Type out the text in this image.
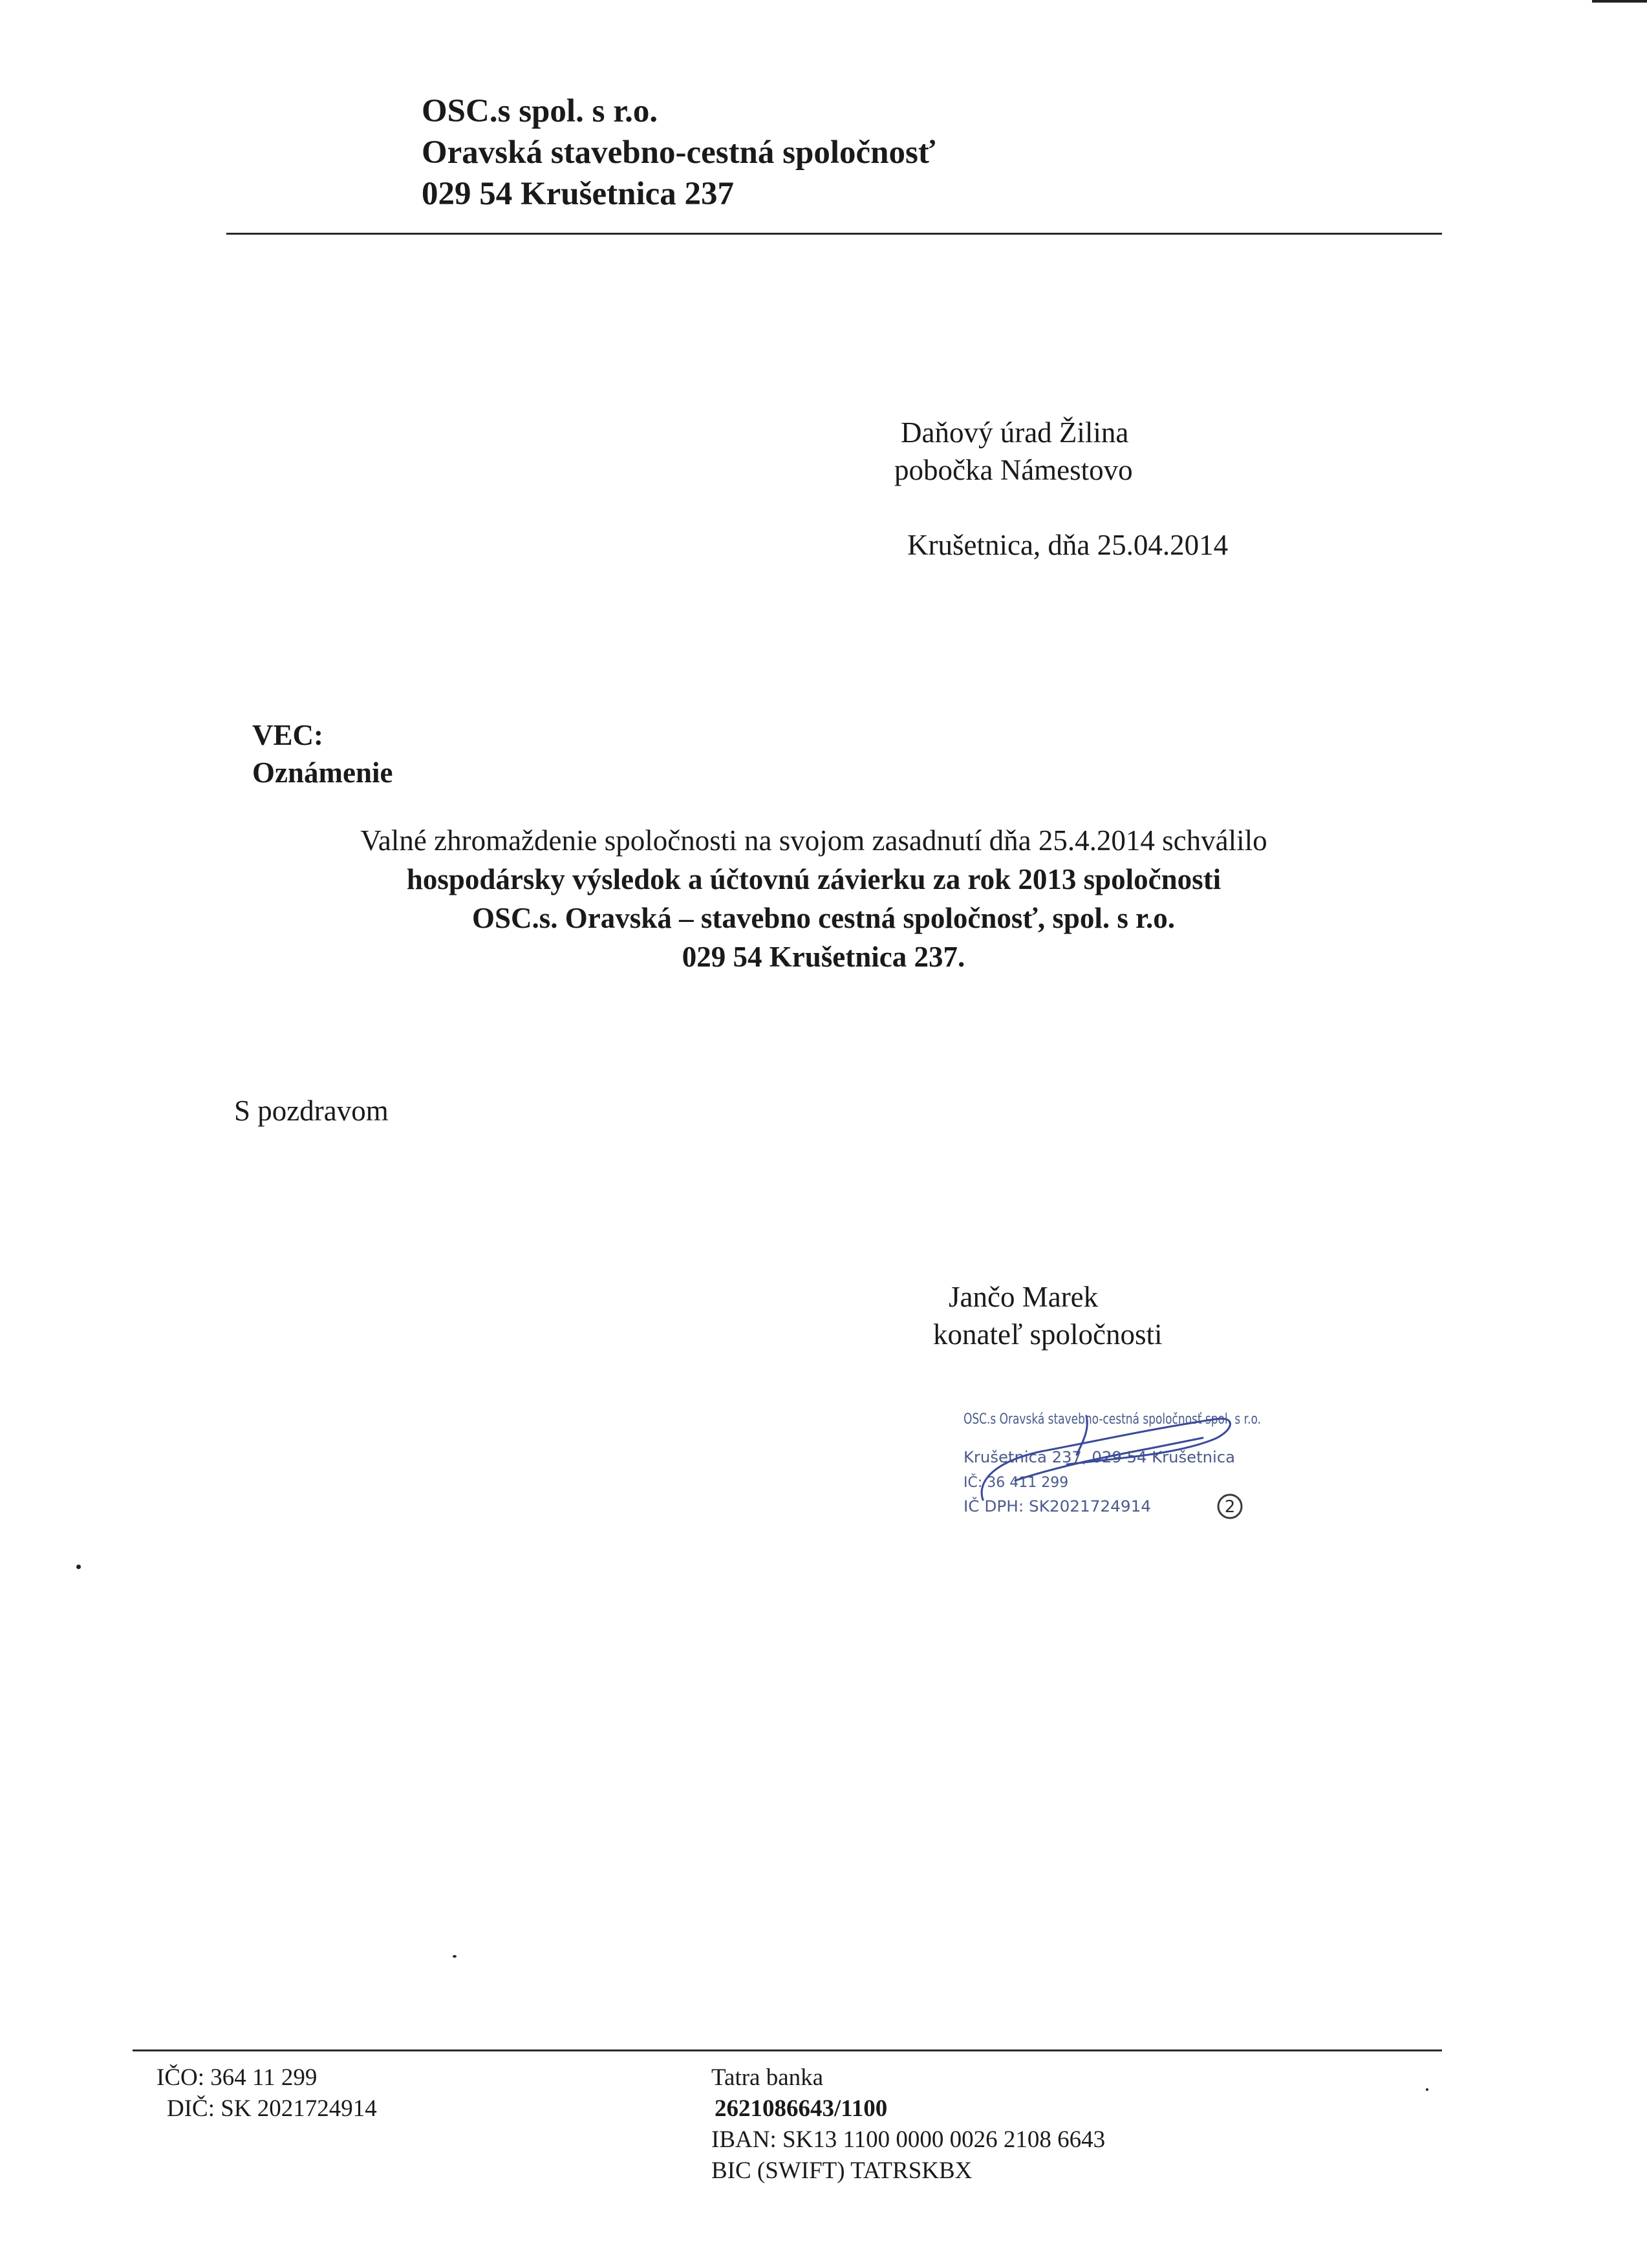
OSC.s spol. s r.o.
Oravská stavebno-cestná spoločnosť
029 54 Krušetnica 237
Daňový úrad Žilina
pobočka Námestovo
Krušetnica, dňa 25.04.2014
VEC:
Oznámenie
Valné zhromaždenie spoločnosti na svojom zasadnutí dňa 25.4.2014 schválilo
hospodársky výsledok a účtovnú závierku za rok 2013 spoločnosti
OSC.s. Oravská – stavebno cestná spoločnosť, spol. s r.o.
029 54 Krušetnica 237.
S pozdravom
Jančo Marek
konateľ spoločnosti
OSC.s Oravská stavebno-cestná spoločnosť spol. s r.o.
Krušetnica 237, 029 54 Krušetnica
IČ: 36 411 299
IČ DPH: SK2021724914	2
IČO: 364 11 299
DIČ: SK 2021724914
Tatra banka
2621086643/1100
IBAN: SK13 1100 0000 0026 2108 6643
BIC (SWIFT) TATRSKBX
